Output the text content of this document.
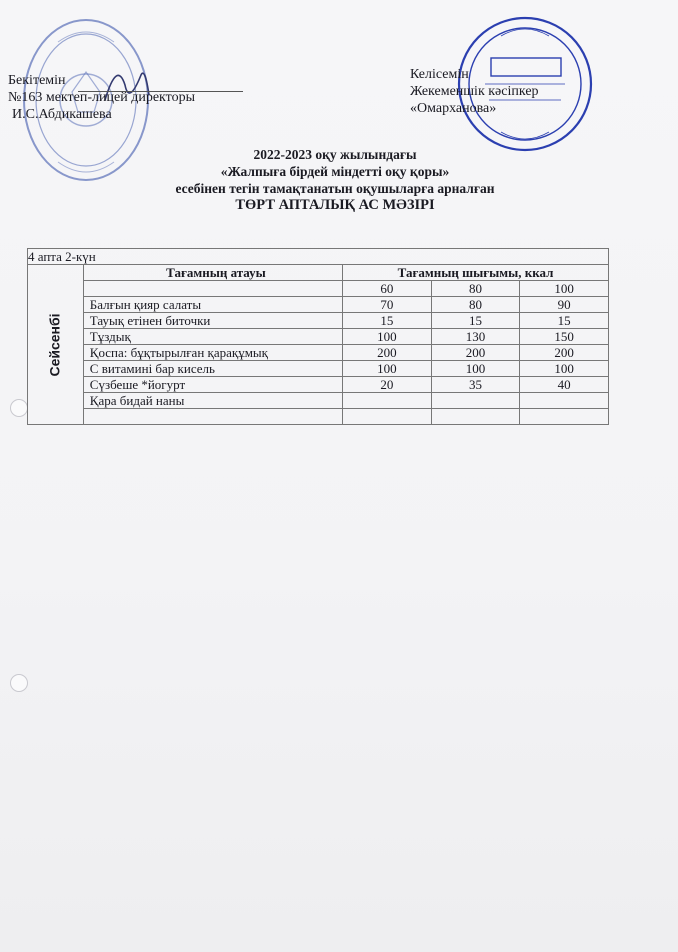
Бекітемін
№163 мектеп-лицей директоры
И.С.Абдикашева
Келісемін
Жекеменшік кәсіпкер
«Омарханова»
2022-2023 оқу жылындағы
«Жалпыға бірдей міндетті оқу қоры»
есебінен тегін тамақтанатын оқушыларға арналған
ТӨРТ АПТАЛЫҚ АС МӘЗІРІ
4 апта 2-күн				

Сейсенбі	Тағамның атауы	Тағамның шығымы, ккал		
		60	80	100
	Балғын қияр салаты	70	80	90
	Тауық етінен биточки	15	15	15
	Тұздық	100	130	150
	Қоспа: бұқтырылған қарақұмық	200	200	200
	С витамині бар кисель	100	100	100
	Сүзбеше *йогурт	20	35	40
	Қара бидай наны			
